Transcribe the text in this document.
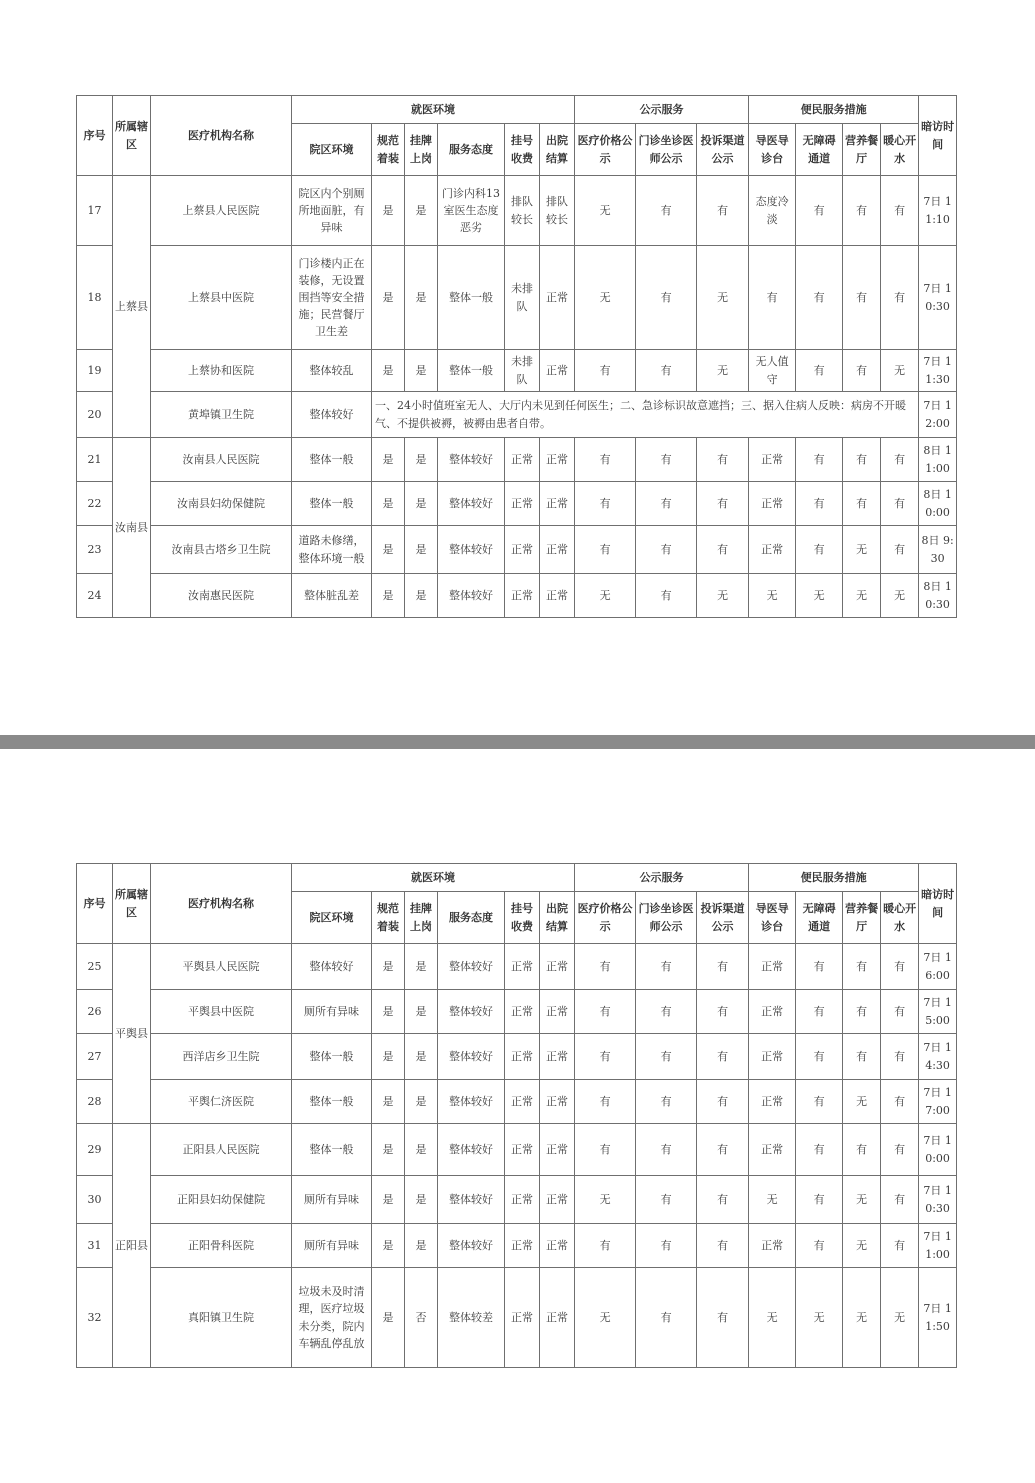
序号	所属辖区	医疗机构名称	就医环境						公示服务			便民服务措施				暗访时间
			院区环境	规范着装	挂牌上岗	服务态度	挂号收费	出院结算	医疗价格公示	门诊坐诊医师公示	投诉渠道公示	导医导诊台	无障碍通道	营养餐厅	暖心开水	
17	上蔡县	上蔡县人民医院	院区内个别厕所地面脏，有异味	是	是	门诊内科13室医生态度恶劣	排队较长	排队较长	无	有	有	态度冷淡	有	有	有	7日 11:10
18		上蔡县中医院	门诊楼内正在装修，无设置围挡等安全措施；民营餐厅卫生差	是	是	整体一般	未排队	正常	无	有	无	有	有	有	有	7日 10:30
19		上蔡协和医院	整体较乱	是	是	整体一般	未排队	正常	有	有	无	无人值守	有	有	无	7日 11:30
20		黄埠镇卫生院	整体较好	一、24小时值班室无人、大厅内未见到任何医生；二、急诊标识故意遮挡；三、据入住病人反映：病房不开暖气、不提供被褥，被褥由患者自带。												7日 12:00
21	汝南县	汝南县人民医院	整体一般	是	是	整体较好	正常	正常	有	有	有	正常	有	有	有	8日 11:00
22		汝南县妇幼保健院	整体一般	是	是	整体较好	正常	正常	有	有	有	正常	有	有	有	8日 10:00
23		汝南县古塔乡卫生院	道路未修缮，整体环境一般	是	是	整体较好	正常	正常	有	有	有	正常	有	无	有	8日 9:30
24		汝南惠民医院	整体脏乱差	是	是	整体较好	正常	正常	无	有	无	无	无	无	无	8日 10:30
序号	所属辖区	医疗机构名称	就医环境						公示服务			便民服务措施				暗访时间
			院区环境	规范着装	挂牌上岗	服务态度	挂号收费	出院结算	医疗价格公示	门诊坐诊医师公示	投诉渠道公示	导医导诊台	无障碍通道	营养餐厅	暖心开水	
25	平舆县	平舆县人民医院	整体较好	是	是	整体较好	正常	正常	有	有	有	正常	有	有	有	7日 16:00
26		平舆县中医院	厕所有异味	是	是	整体较好	正常	正常	有	有	有	正常	有	有	有	7日 15:00
27		西洋店乡卫生院	整体一般	是	是	整体较好	正常	正常	有	有	有	正常	有	有	有	7日 14:30
28		平舆仁济医院	整体一般	是	是	整体较好	正常	正常	有	有	有	正常	有	无	有	7日 17:00
29	正阳县	正阳县人民医院	整体一般	是	是	整体较好	正常	正常	有	有	有	正常	有	有	有	7日 10:00
30		正阳县妇幼保健院	厕所有异味	是	是	整体较好	正常	正常	无	有	有	无	有	无	有	7日 10:30
31		正阳骨科医院	厕所有异味	是	是	整体较好	正常	正常	有	有	有	正常	有	无	有	7日 11:00
32		真阳镇卫生院	垃圾未及时清理，医疗垃圾未分类，院内车辆乱停乱放	是	否	整体较差	正常	正常	无	有	有	无	无	无	无	7日 11:50
